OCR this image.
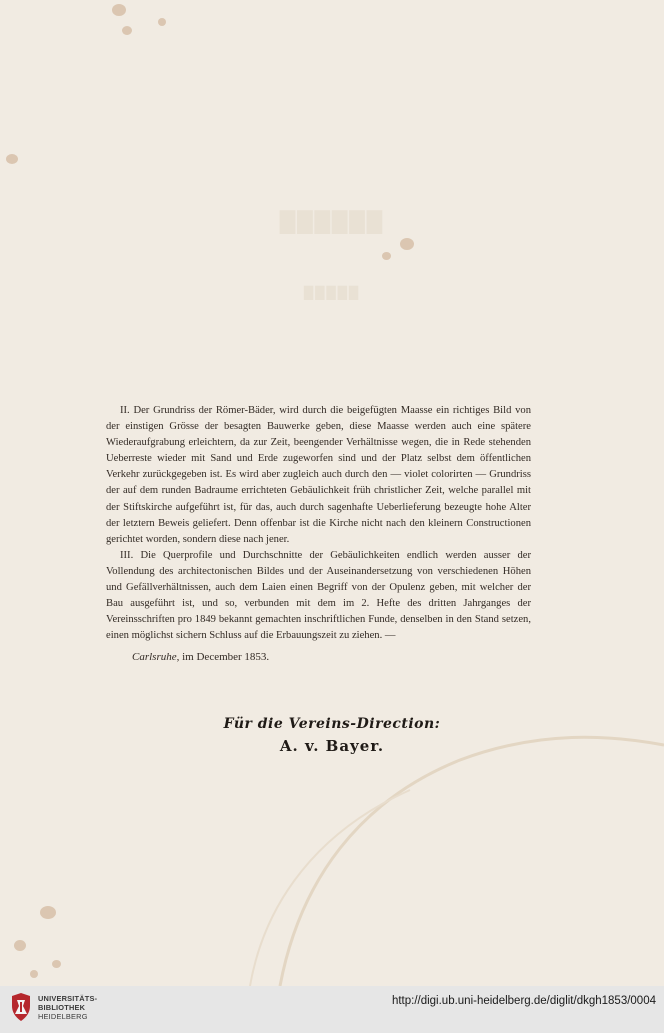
██████
█████

II. Der Grundriss der Römer-Bäder, wird durch die beigefügten Maasse ein richtiges Bild von der einstigen Grösse der besagten Bauwerke geben, diese Maasse werden auch eine spätere Wiederaufgrabung erleichtern, da zur Zeit, beengender Verhältnisse wegen, die in Rede stehenden Ueberreste wieder mit Sand und Erde zugeworfen sind und der Platz selbst dem öffentlichen Verkehr zurückgegeben ist. Es wird aber zugleich auch durch den — violet colorirten — Grundriss der auf dem runden Badraume errichteten Gebäulichkeit früh christlicher Zeit, welche parallel mit der Stiftskirche aufgeführt ist, für das, auch durch sagenhafte Ueberlieferung bezeugte hohe Alter der letztern Beweis geliefert. Denn offenbar ist die Kirche nicht nach den kleinern Constructionen gerichtet worden, sondern diese nach jener.

III. Die Querprofile und Durchschnitte der Gebäulichkeiten endlich werden ausser der Vollendung des architectonischen Bildes und der Auseinandersetzung von verschiedenen Höhen und Gefällverhältnissen, auch dem Laien einen Begriff von der Opulenz geben, mit welcher der Bau ausgeführt ist, und so, verbunden mit dem im 2. Hefte des dritten Jahrganges der Vereinsschriften pro 1849 bekannt gemachten inschriftlichen Funde, denselben in den Stand setzen, einen möglichst sichern Schluss auf die Erbauungszeit zu ziehen. —

Carlsruhe, im December 1853.
Für die Vereins-Direction:
A. v. Bayer.
UNIVERSITÄTS-
BIBLIOTHEK
HEIDELBERG
http://digi.ub.uni-heidelberg.de/diglit/dkgh1853/0004
